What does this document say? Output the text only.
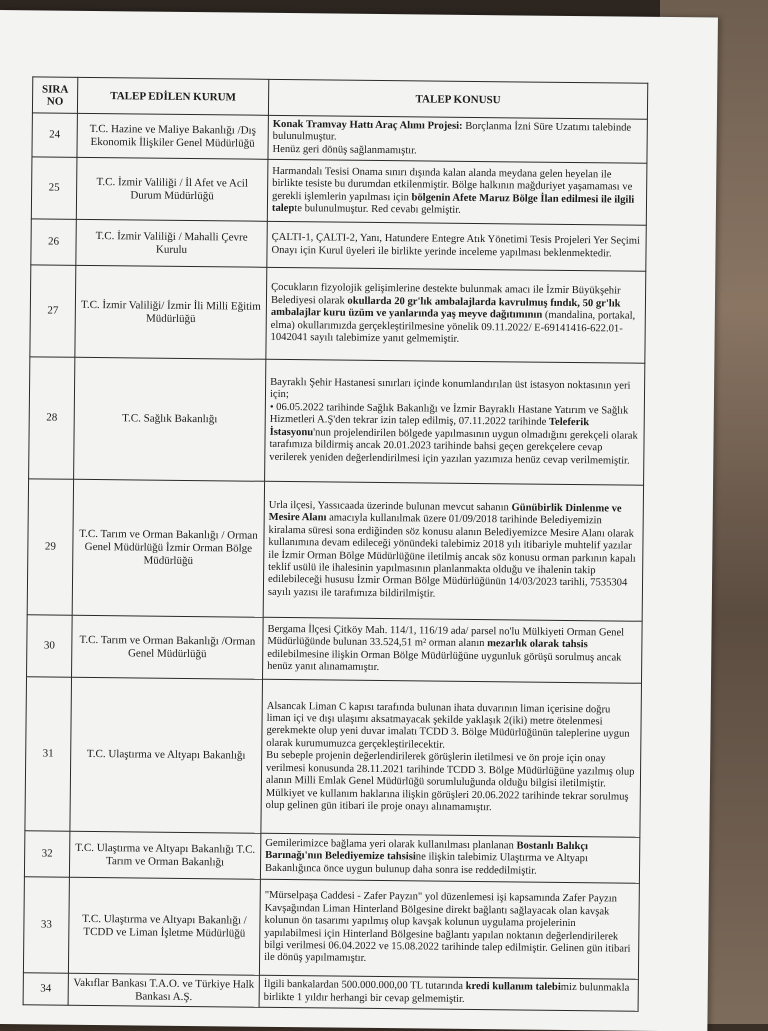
SIRA NO	TALEP EDİLEN KURUM	TALEP KONUSU
24	T.C. Hazine ve Maliye Bakanlığı /Dış Ekonomik İlişkiler Genel Müdürlüğü	Konak Tramvay Hattı Araç Alımı Projesi: Borçlanma İzni Süre Uzatımı talebinde bulunulmuştur.
Henüz geri dönüş sağlanmamıştır.
25	T.C. İzmir Valiliği / İl Afet ve Acil Durum Müdürlüğü	Harmandalı Tesisi Onama sınırı dışında kalan alanda meydana gelen heyelan ile birlikte tesiste bu durumdan etkilenmiştir. Bölge halkının mağduriyet yaşamaması ve gerekli işlemlerin yapılması için bölgenin Afete Maruz Bölge İlan edilmesi ile ilgili talepte bulunulmuştur. Red cevabı gelmiştir.
26	T.C. İzmir Valiliği / Mahalli Çevre Kurulu	ÇALTI-1, ÇALTI-2, Yanı, Hatundere Entegre Atık Yönetimi Tesis Projeleri Yer Seçimi Onayı için Kurul üyeleri ile birlikte yerinde inceleme yapılması beklenmektedir.
27	T.C. İzmir Valiliği/ İzmir İli Milli Eğitim Müdürlüğü	Çocukların fizyolojik gelişimlerine destekte bulunmak amacı ile İzmir Büyükşehir Belediyesi olarak okullarda 20 gr'lık ambalajlarda kavrulmuş fındık, 50 gr'lık ambalajlar kuru üzüm ve yanlarında yaş meyve dağıtımının (mandalina, portakal, elma) okullarımızda gerçekleştirilmesine yönelik 09.11.2022/ E-69141416-622.01-1042041 sayılı talebimize yanıt gelmemiştir.
28	T.C. Sağlık Bakanlığı	Bayraklı Şehir Hastanesi sınırları içinde konumlandırılan üst istasyon noktasının yeri için;
• 06.05.2022 tarihinde Sağlık Bakanlığı ve İzmir Bayraklı Hastane Yatırım ve Sağlık Hizmetleri A.Ş'den tekrar izin talep edilmiş, 07.11.2022 tarihinde Teleferik İstasyonu'nun projelendirilen bölgede yapılmasının uygun olmadığını gerekçeli olarak tarafımıza bildirmiş ancak 20.01.2023 tarihinde bahsi geçen gerekçelere cevap verilerek yeniden değerlendirilmesi için yazılan yazımıza henüz cevap verilmemiştir.
29	T.C. Tarım ve Orman Bakanlığı / Orman Genel Müdürlüğü İzmir Orman Bölge Müdürlüğü	Urla ilçesi, Yassıcaada üzerinde bulunan mevcut sahanın Günübirlik Dinlenme ve Mesire Alanı amacıyla kullanılmak üzere 01/09/2018 tarihinde Belediyemizin kiralama süresi sona erdiğinden söz konusu alanın Belediyemizce Mesire Alanı olarak kullanımına devam edileceği yönündeki talebimiz 2018 yılı itibariyle muhtelif yazılar ile İzmir Orman Bölge Müdürlüğüne iletilmiş ancak söz konusu orman parkının kapalı teklif usülü ile ihalesinin yapılmasının planlanmakta olduğu ve ihalenin takip edilebileceği hususu İzmir Orman Bölge Müdürlüğünün 14/03/2023 tarihli, 7535304 sayılı yazısı ile tarafımıza bildirilmiştir.
30	T.C. Tarım ve Orman Bakanlığı /Orman Genel Müdürlüğü	Bergama İlçesi Çitköy Mah. 114/1, 116/19 ada/ parsel no'lu Mülkiyeti Orman Genel Müdürlüğünde bulunan 33.524,51 m² orman alanın mezarlık olarak tahsis edilebilmesine ilişkin Orman Bölge Müdürlüğüne uygunluk görüşü sorulmuş ancak henüz yanıt alınamamıştır.
31	T.C. Ulaştırma ve Altyapı Bakanlığı	Alsancak Liman C kapısı tarafında bulunan ihata duvarının liman içerisine doğru liman içi ve dışı ulaşımı aksatmayacak şekilde yaklaşık 2(iki) metre ötelenmesi gerekmekte olup yeni duvar imalatı TCDD 3. Bölge Müdürlüğünün taleplerine uygun olarak kurumumuzca gerçekleştirilecektir.
Bu sebeple projenin değerlendirilerek görüşlerin iletilmesi ve ön proje için onay verilmesi konusunda 28.11.2021 tarihinde TCDD 3. Bölge Müdürlüğüne yazılmış olup alanın Milli Emlak Genel Müdürlüğü sorumluluğunda olduğu bilgisi iletilmiştir.
Mülkiyet ve kullanım haklarına ilişkin görüşleri 20.06.2022 tarihinde tekrar sorulmuş olup gelinen gün itibari ile proje onayı alınamamıştır.
32	T.C. Ulaştırma ve Altyapı Bakanlığı T.C. Tarım ve Orman Bakanlığı	Gemilerimizce bağlama yeri olarak kullanılması planlanan Bostanlı Balıkçı Barınağı'nın Belediyemize tahsisine ilişkin talebimiz Ulaştırma ve Altyapı Bakanlığınca önce uygun bulunup daha sonra ise reddedilmiştir.
33	T.C. Ulaştırma ve Altyapı Bakanlığı / TCDD ve Liman İşletme Müdürlüğü	"Mürselpaşa Caddesi - Zafer Payzın" yol düzenlemesi işi kapsamında Zafer Payzın Kavşağından Liman Hinterland Bölgesine direkt bağlantı sağlayacak olan kavşak kolunun ön tasarımı yapılmış olup kavşak kolunun uygulama projelerinin yapılabilmesi için Hinterland Bölgesine bağlantı yapılan noktanın değerlendirilerek bilgi verilmesi 06.04.2022 ve 15.08.2022 tarihinde talep edilmiştir. Gelinen gün itibari ile dönüş yapılmamıştır.
34	Vakıflar Bankası T.A.O. ve Türkiye Halk Bankası A.Ş.	İlgili bankalardan 500.000.000,00 TL tutarında kredi kullanım talebimiz bulunmakla birlikte 1 yıldır herhangi bir cevap gelmemiştir.
